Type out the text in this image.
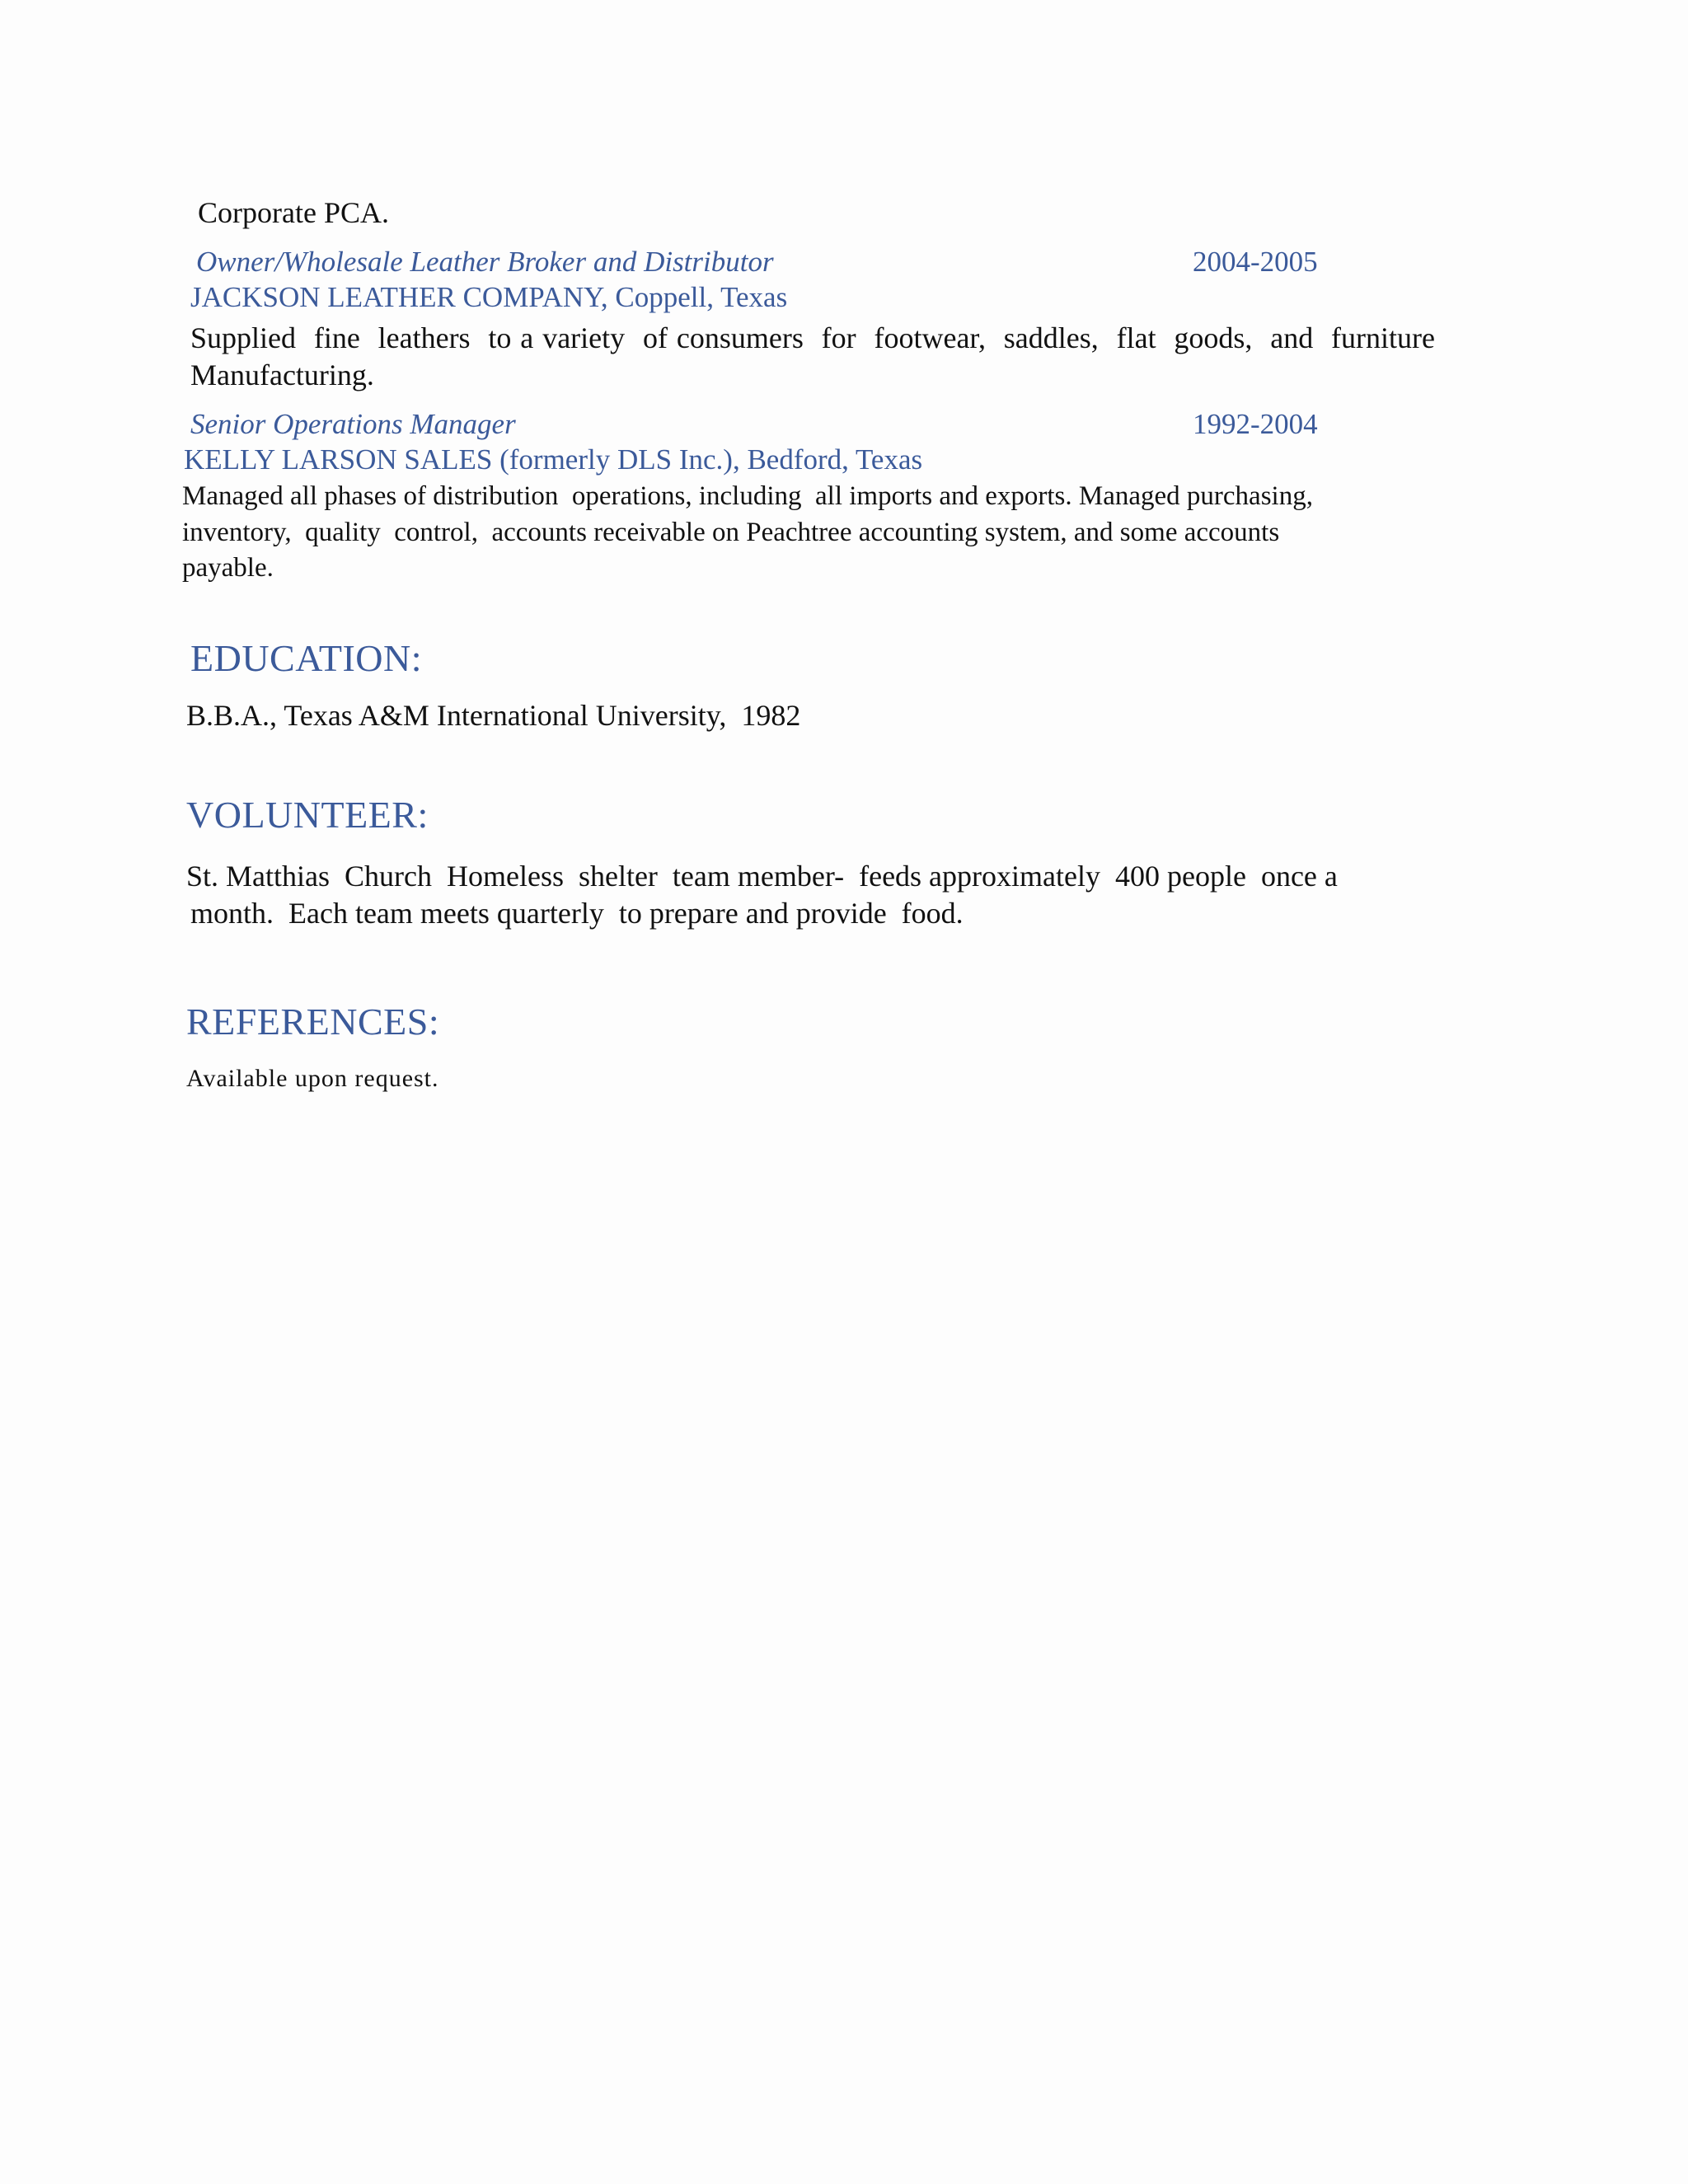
Corporate PCA.

Owner/Wholesale Leather Broker and Distributor	2004-2005

JACKSON LEATHER COMPANY, Coppell, Texas

Supplied  fine  leathers  to a variety  of consumers  for  footwear,  saddles,  flat  goods,  and  furniture

Manufacturing.

Senior Operations Manager	1992-2004

KELLY LARSON SALES (formerly DLS Inc.), Bedford, Texas

Managed all phases of distribution  operations, including  all imports and exports. Managed purchasing,

inventory,  quality  control,  accounts receivable on Peachtree accounting system, and some accounts

payable.

EDUCATION:

B.B.A., Texas A&M International University,  1982

VOLUNTEER:

St. Matthias  Church  Homeless  shelter  team member-  feeds approximately  400 people  once a

month.  Each team meets quarterly  to prepare and provide  food.

REFERENCES:

Available upon request.
